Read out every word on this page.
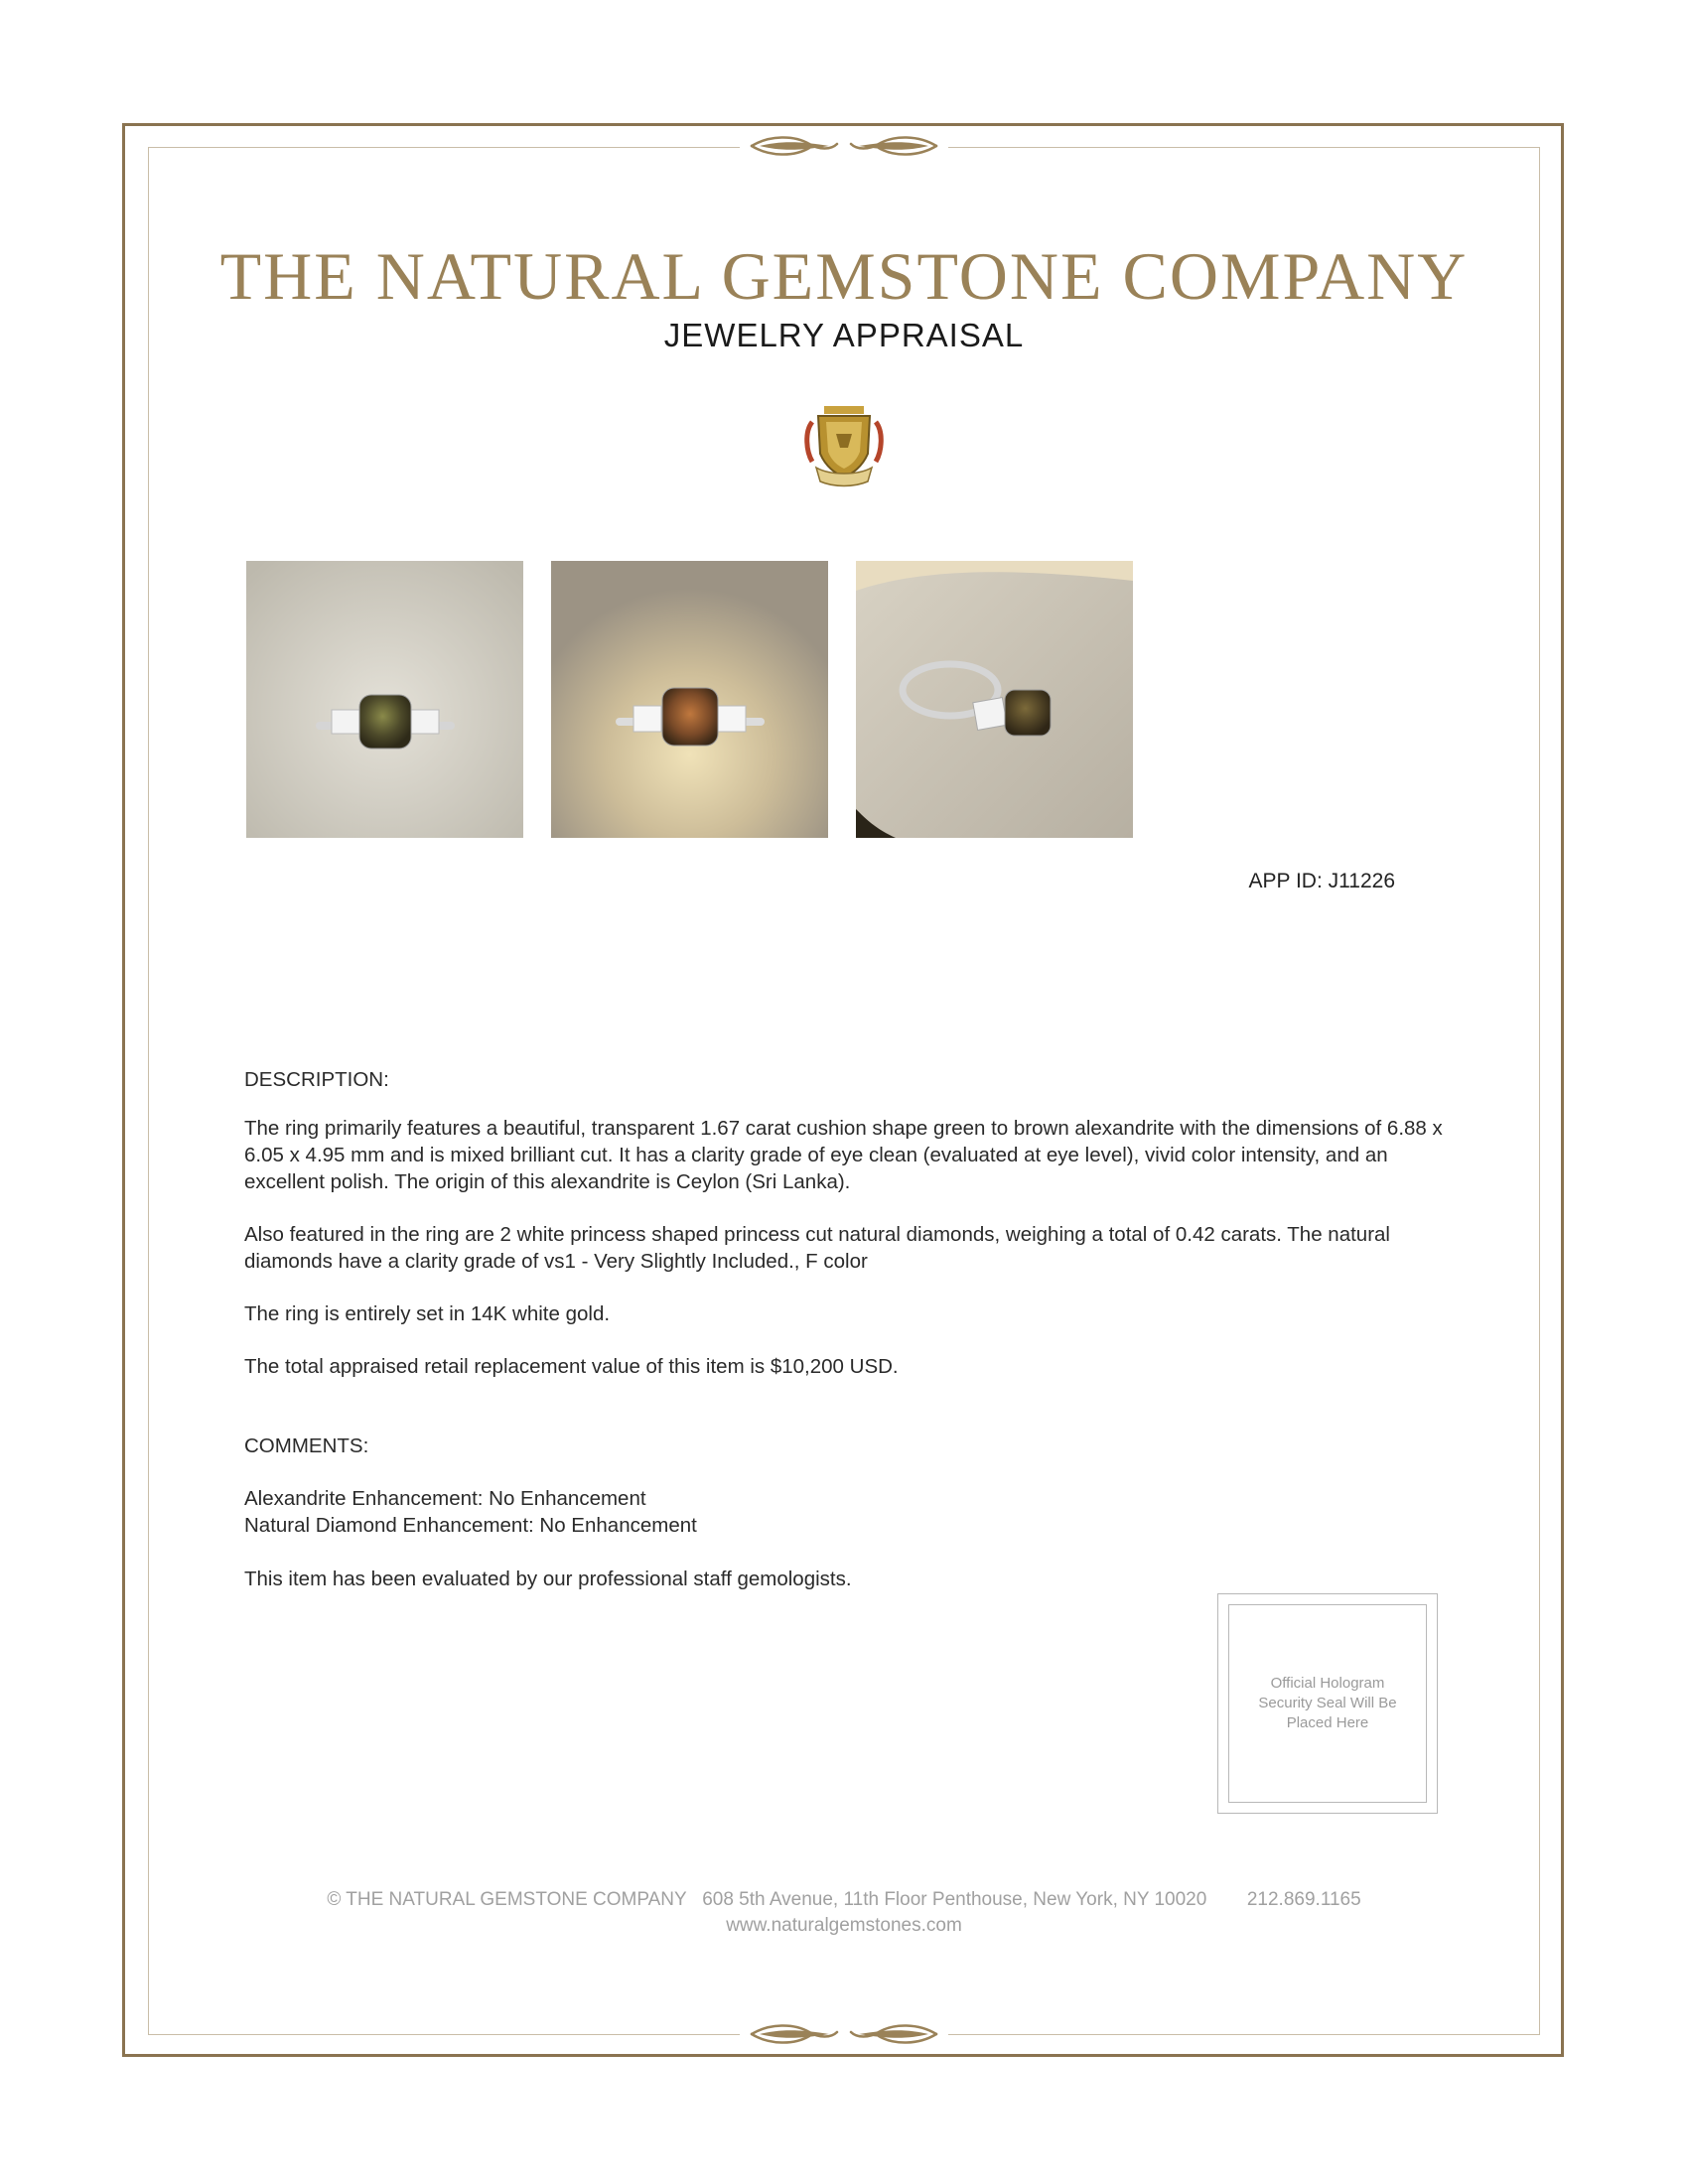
THE NATURAL GEMSTONE COMPANY
JEWELRY APPRAISAL
APP ID: J11226
DESCRIPTION:
The ring primarily features a beautiful, transparent 1.67 carat cushion shape green to brown alexandrite with the dimensions of 6.88 x 6.05 x 4.95 mm and is mixed brilliant cut. It has a clarity grade of eye clean (evaluated at eye level), vivid color intensity, and an excellent polish. The origin of this alexandrite is Ceylon (Sri Lanka).
Also featured in the ring are 2 white princess shaped princess cut natural diamonds, weighing a total of 0.42 carats. The natural diamonds have a clarity grade of vs1 - Very Slightly Included., F color
The ring is entirely set in 14K white gold.
The total appraised retail replacement value of this item is $10,200 USD.
COMMENTS:
Alexandrite Enhancement: No Enhancement
Natural Diamond Enhancement: No Enhancement
This item has been evaluated by our professional staff gemologists.
Official Hologram Security Seal Will Be Placed Here
© THE NATURAL GEMSTONE COMPANY 608 5th Avenue, 11th Floor Penthouse, New York, NY 10020 212.869.1165
www.naturalgemstones.com
